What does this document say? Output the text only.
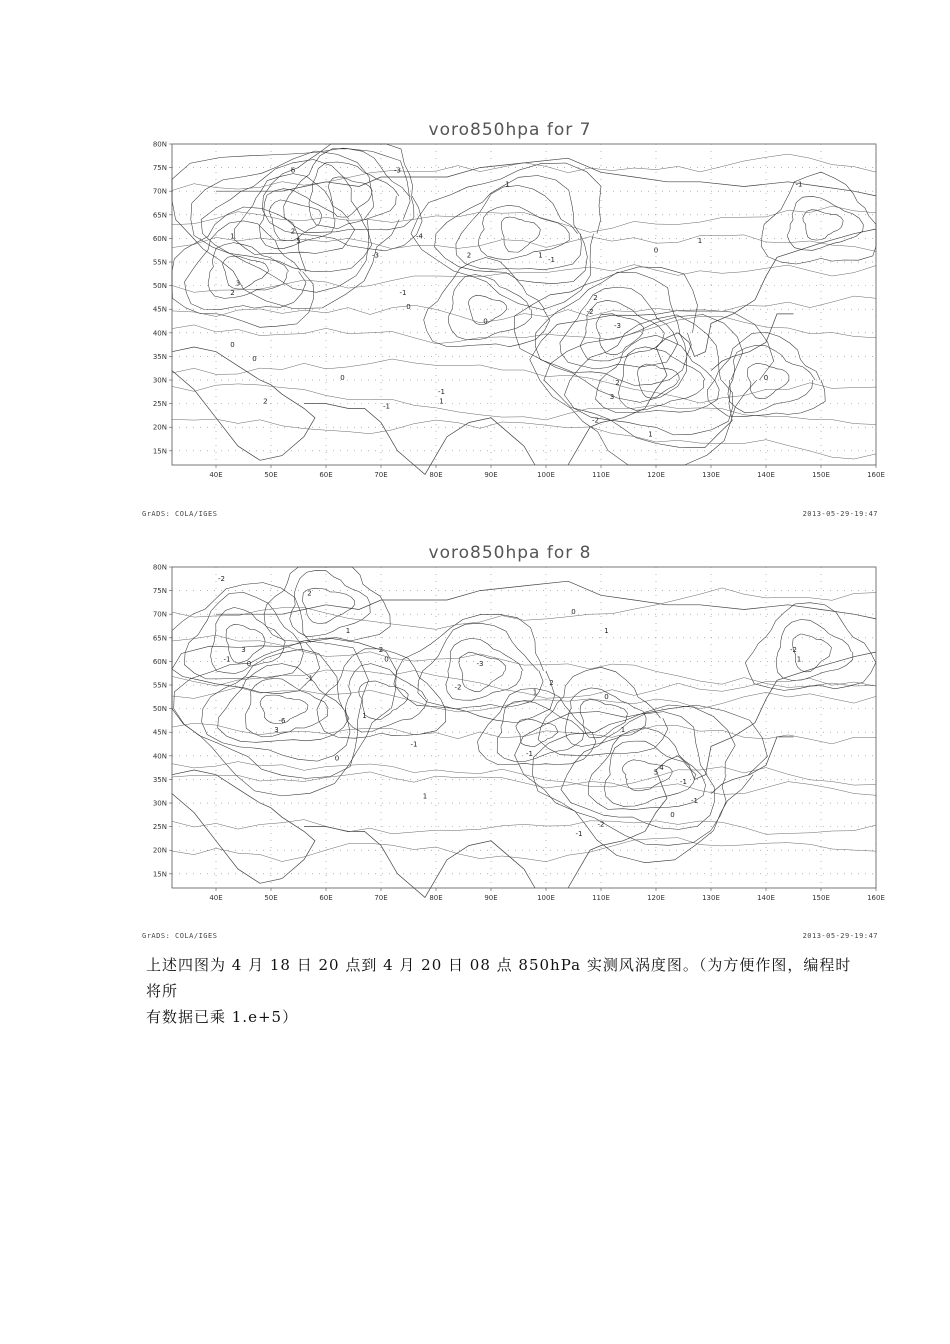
voro850hpa for 7
80N
75N
70N
65N
60N
55N
50N
45N
40N
35N
30N
25N
20N
15N
40E	50E	60E	70E	80E	90E	100E	110E	120E	130E	140E	150E	160E
6	-3
1	-1
2
-4
1
5
-3	2	1
-1
0
1
3
2	-1
0
2
-2
0
-3
0
0
0
-1
1
0
2
-1
2
-2
1
3
GrADS: COLA/IGES	2013-05-29-19:47
voro850hpa for 8
80N
75N
70N
65N
60N
55N
50N
45N
40N
35N
30N
25N
20N
15N
40E	50E	60E	70E	80E	90E	100E	110E	120E	130E	140E	150E	160E
-2
2
0
1
1
3
-1
0
2
0
-3
2
-2
1
-1
-2
1
0
-6
3
1
-1
0
-1
1
1
-1
-1
0
5
4
-2
-1
GrADS: COLA/IGES	2013-05-29-19:47
上述四图为 4 月 18 日 20 点到 4 月 20 日 08 点 850hPa 实测风涡度图。（为方便作图，编程时将所
有数据已乘 1.e+5）
